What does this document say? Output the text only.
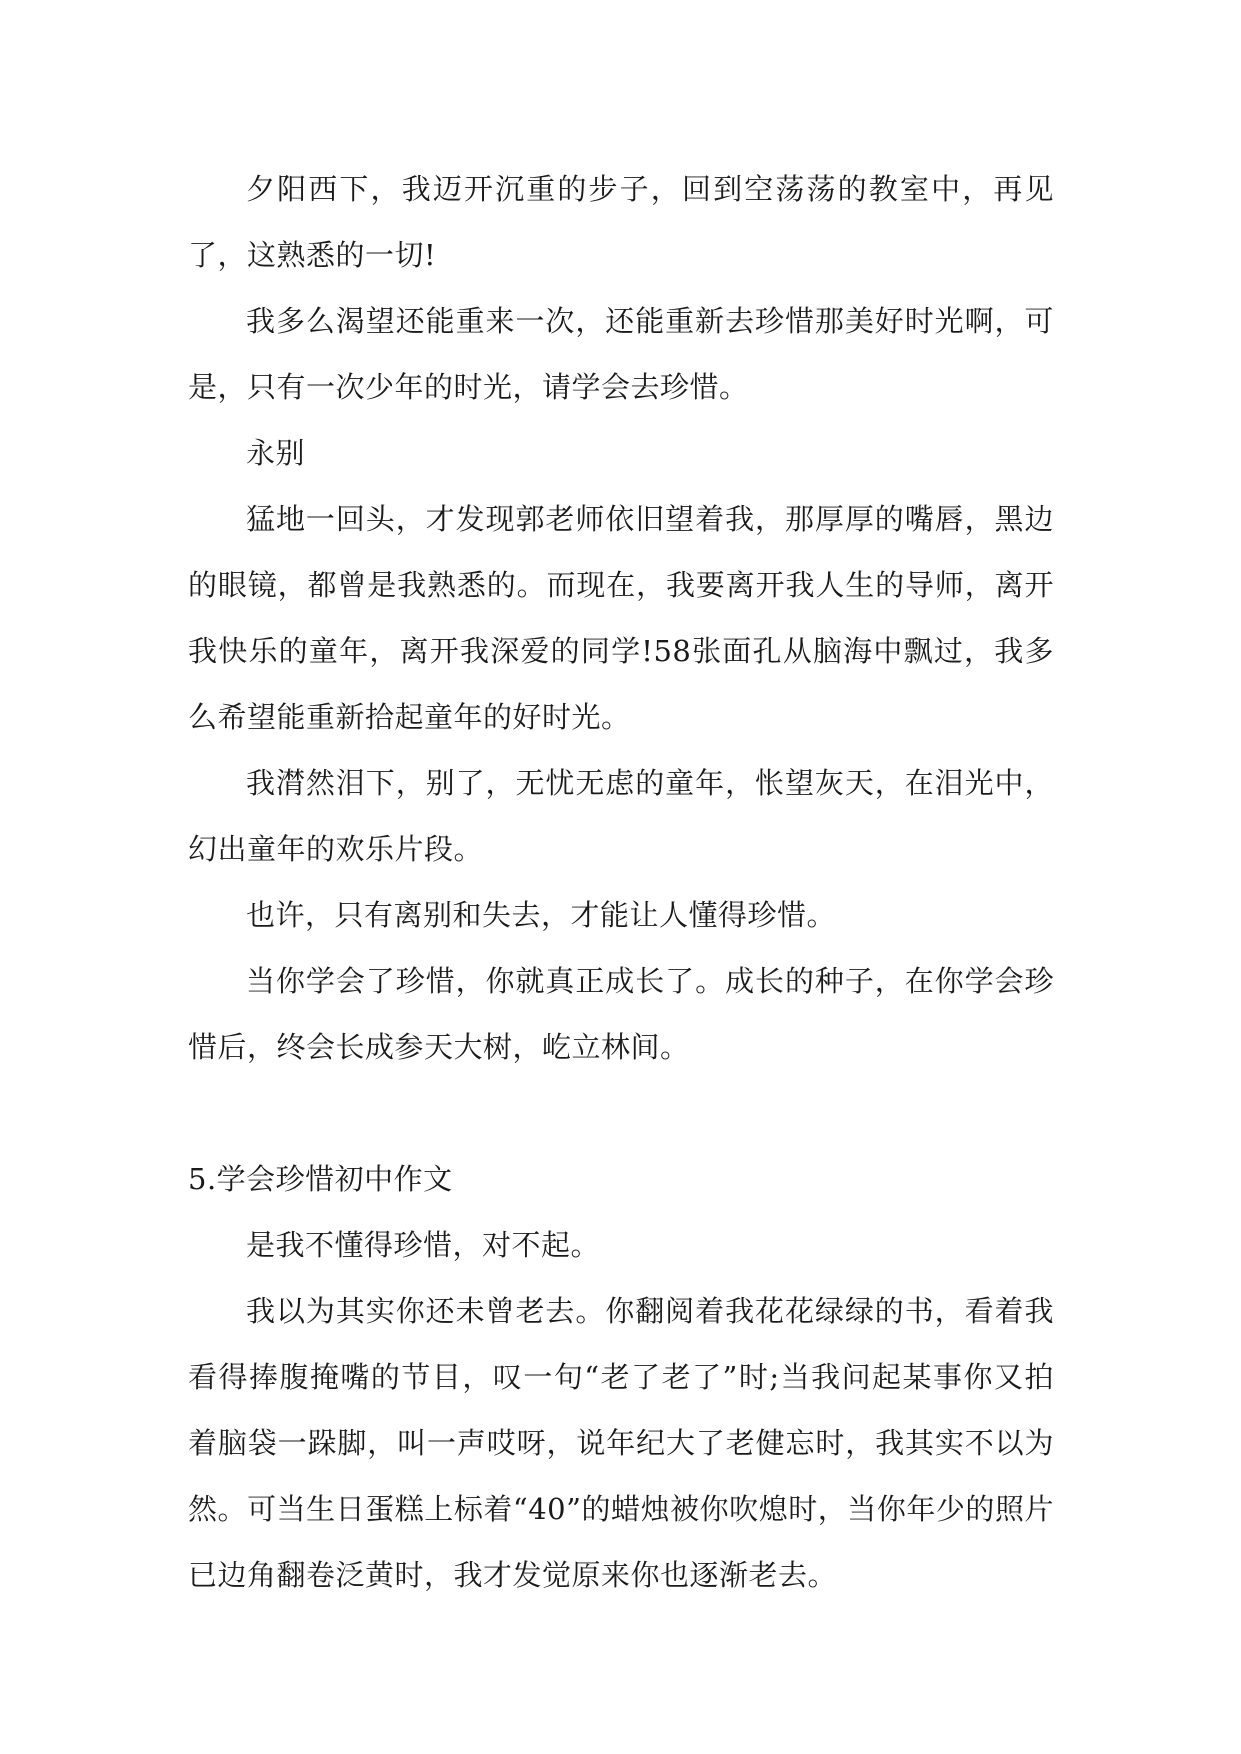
夕阳西下，我迈开沉重的步子，回到空荡荡的教室中，再见了，这熟悉的一切!

我多么渴望还能重来一次，还能重新去珍惜那美好时光啊，可是，只有一次少年的时光，请学会去珍惜。

永别

猛地一回头，才发现郭老师依旧望着我，那厚厚的嘴唇，黑边的眼镜，都曾是我熟悉的。而现在，我要离开我人生的导师，离开我快乐的童年，离开我深爱的同学!58张面孔从脑海中飘过，我多么希望能重新拾起童年的好时光。

我潸然泪下，别了，无忧无虑的童年，怅望灰天，在泪光中，幻出童年的欢乐片段。

也许，只有离别和失去，才能让人懂得珍惜。

当你学会了珍惜，你就真正成长了。成长的种子，在你学会珍惜后，终会长成参天大树，屹立林间。

5.学会珍惜初中作文

是我不懂得珍惜，对不起。

我以为其实你还未曾老去。你翻阅着我花花绿绿的书，看着我看得捧腹掩嘴的节目，叹一句“老了老了”时;当我问起某事你又拍着脑袋一跺脚，叫一声哎呀，说年纪大了老健忘时，我其实不以为然。可当生日蛋糕上标着“40”的蜡烛被你吹熄时，当你年少的照片已边角翻卷泛黄时，我才发觉原来你也逐渐老去。
